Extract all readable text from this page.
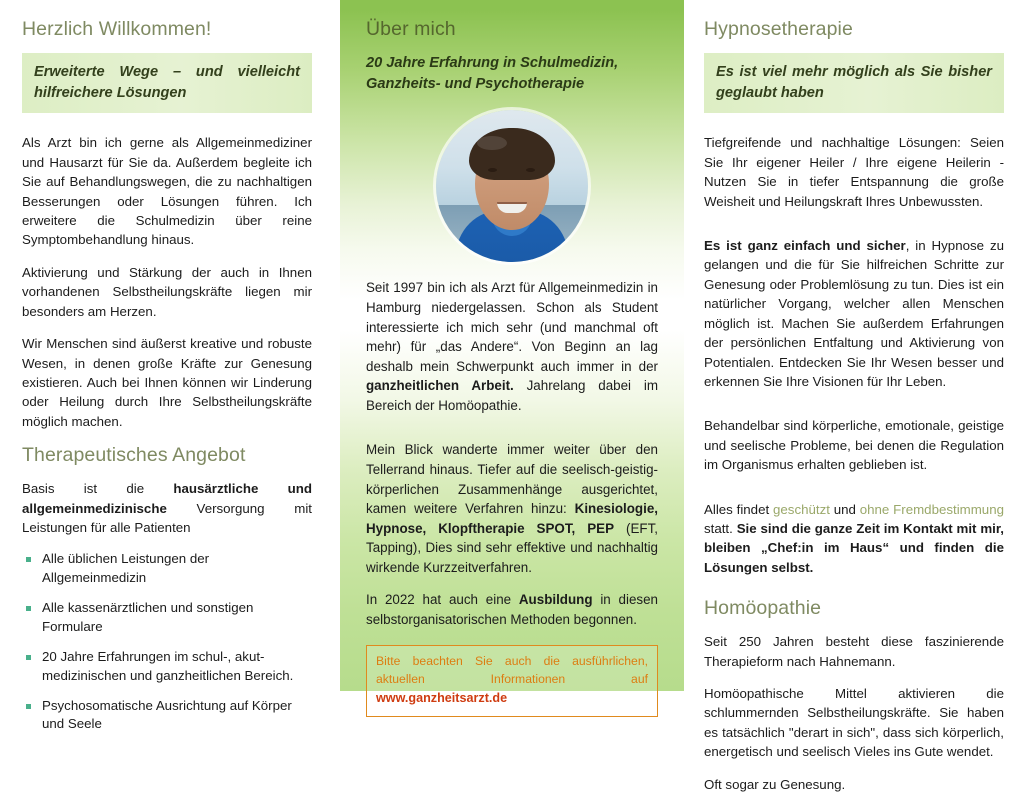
Herzlich Willkommen!

Erweiterte Wege – und vielleicht hilfreichere Lösungen

Als Arzt bin ich gerne als Allgemeinmediziner und Hausarzt für Sie da. Außerdem begleite ich Sie auf Behandlungswegen, die zu nachhaltigen Besserungen oder Lösungen führen. Ich erweitere die Schulmedizin über reine Symptombehandlung hinaus.

Aktivierung und Stärkung der auch in Ihnen vorhandenen Selbstheilungskräfte liegen mir besonders am Herzen.

Wir Menschen sind äußerst kreative und robuste Wesen, in denen große Kräfte zur Genesung existieren. Auch bei Ihnen können wir Linderung oder Heilung durch Ihre Selbstheilungskräfte möglich machen.

Therapeutisches Angebot

Basis ist die hausärztliche und allgemeinmedizinische Versorgung mit Leistungen für alle Patienten

Alle üblichen Leistungen der Allgemeinmedizin
Alle kassenärztlichen und sonstigen Formulare
20 Jahre Erfahrungen im schul-, akut-medizinischen und ganzheitlichen Bereich.
Psychosomatische Ausrichtung auf Körper und Seele
Über mich

20 Jahre Erfahrung in Schulmedizin, Ganzheits- und Psychotherapie

Seit 1997 bin ich als Arzt für Allgemeinmedizin in Hamburg niedergelassen. Schon als Student interessierte ich mich sehr (und manchmal oft mehr) für „das Andere“. Von Beginn an lag deshalb mein Schwerpunkt auch immer in der ganzheitlichen Arbeit. Jahrelang dabei im Bereich der Homöopathie.

Mein Blick wanderte immer weiter über den Tellerrand hinaus. Tiefer auf die seelisch-geistig-körperlichen Zusammenhänge ausgerichtet, kamen weitere Verfahren hinzu: Kinesiologie, Hypnose, Klopftherapie SPOT, PEP (EFT, Tapping), Dies sind sehr effektive und nachhaltig wirkende Kurzzeitverfahren.

In 2022 hat auch eine Ausbildung in diesen selbstorganisatorischen Methoden begonnen.

Bitte beachten Sie auch die ausführlichen, aktuellen Informationen auf www.ganzheitsarzt.de

Hypnosetherapie

Es ist viel mehr möglich als Sie bisher geglaubt haben

Tiefgreifende und nachhaltige Lösungen: Seien Sie Ihr eigener Heiler / Ihre eigene Heilerin - Nutzen Sie in tiefer Entspannung die große Weisheit und Heilungskraft Ihres Unbewussten.

Es ist ganz einfach und sicher, in Hypnose zu gelangen und die für Sie hilfreichen Schritte zur Genesung oder Problemlösung zu tun. Dies ist ein natürlicher Vorgang, welcher allen Menschen möglich ist. Machen Sie außerdem Erfahrungen der persönlichen Entfaltung und Aktivierung von Potentialen. Entdecken Sie Ihr Wesen besser und erkennen Sie Ihre Visionen für Ihr Leben.

Behandelbar sind körperliche, emotionale, geistige und seelische Probleme, bei denen die Regulation im Organismus erhalten geblieben ist.

Alles findet geschützt und ohne Fremdbestimmung statt. Sie sind die ganze Zeit im Kontakt mit mir, bleiben „Chef:in im Haus“ und finden die Lösungen selbst.

Homöopathie

Seit 250 Jahren besteht diese faszinierende Therapieform nach Hahnemann.

Homöopathische Mittel aktivieren die schlummernden Selbstheilungskräfte. Sie haben es tatsächlich "derart in sich", dass sich körperlich, energetisch und seelisch Vieles ins Gute wendet.

Oft sogar zu Genesung.
